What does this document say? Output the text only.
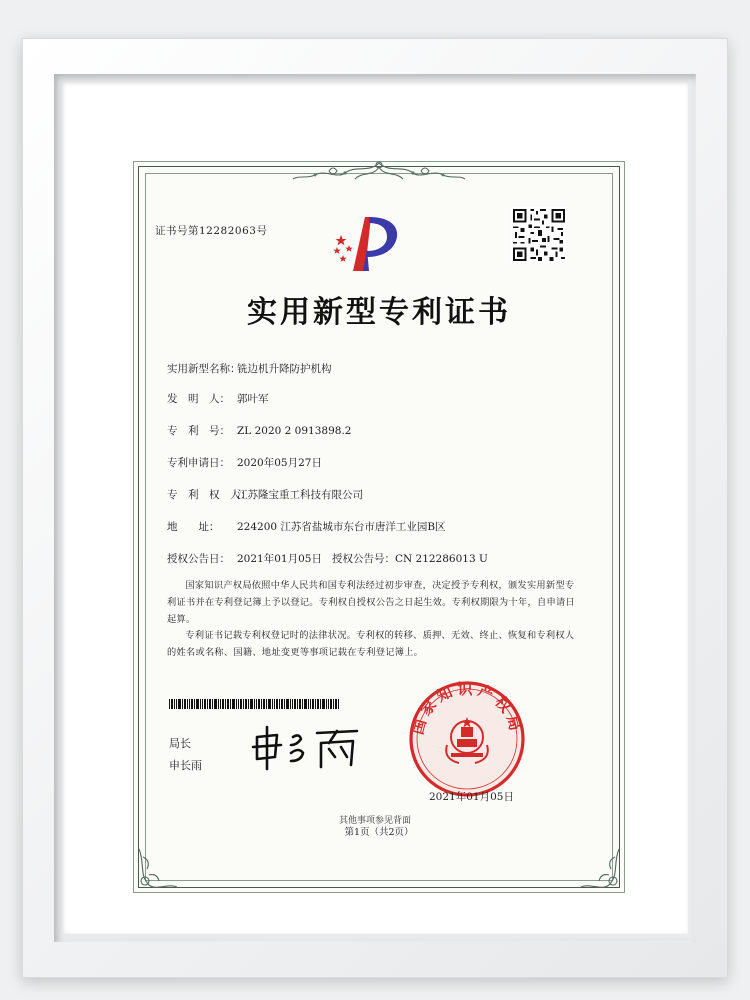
证书号第12282063号
实用新型专利证书
实用新型名称：铣边机升降防护机构
发　明　人： 郭叶军
专　利　号： ZL 2020 2 0913898.2
专利申请日： 2020年05月27日
专　利　权　人：江苏隆宝重工科技有限公司
地　　址： 224200 江苏省盐城市东台市唐洋工业园B区
授权公告日： 2021年01月05日 授权公告号：CN 212286013 U
国家知识产权局依照中华人民共和国专利法经过初步审查，决定授予专利权，颁发实用新型专利证书并在专利登记簿上予以登记。专利权自授权公告之日起生效。专利权期限为十年，自申请日起算。
专利证书记载专利权登记时的法律状况。专利权的转移、质押、无效、终止、恢复和专利权人的姓名或名称、国籍、地址变更等事项记载在专利登记簿上。
局长
申长雨
国家知识产权局
2021年01月05日
第1页（共2页）
其他事项参见背面
